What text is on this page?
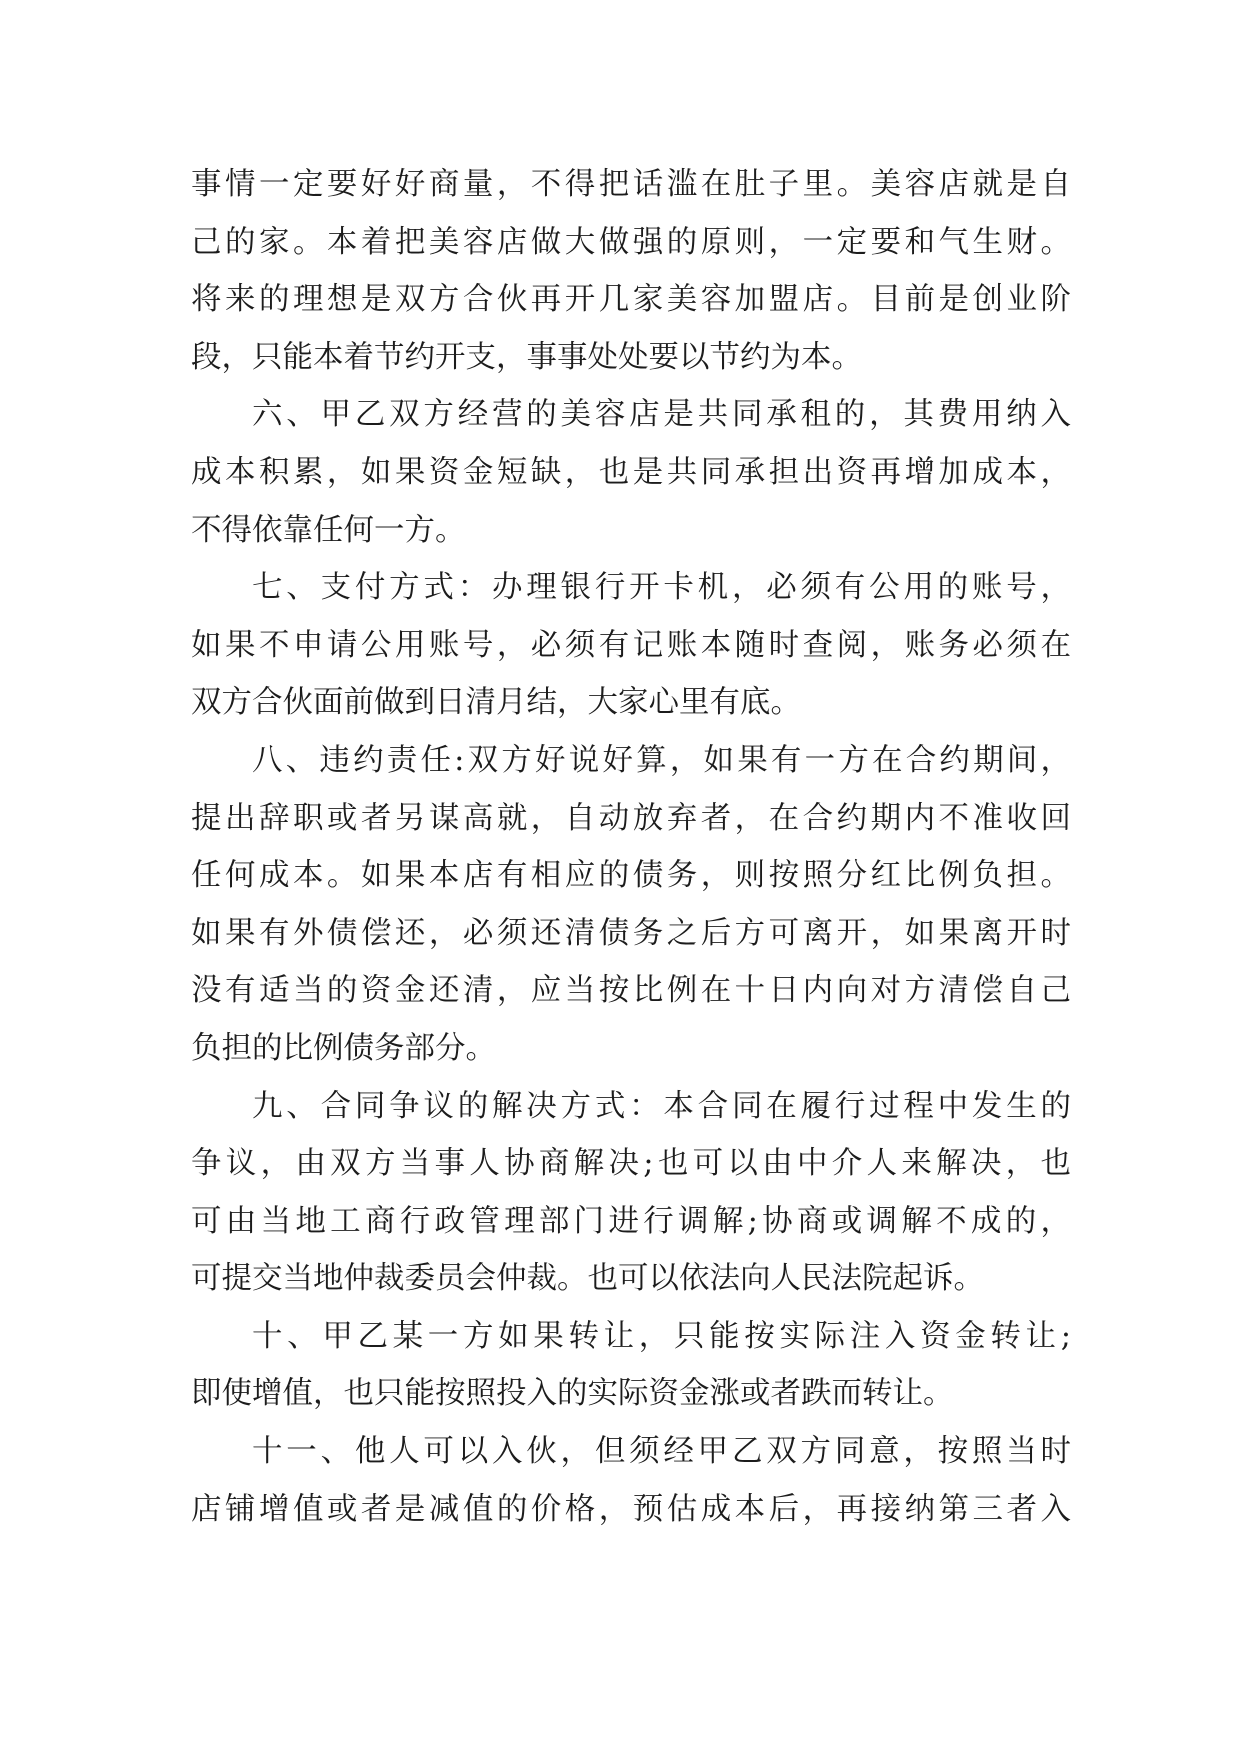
事情一定要好好商量，不得把话滥在肚子里。美容店就是自
己的家。本着把美容店做大做强的原则，一定要和气生财。
将来的理想是双方合伙再开几家美容加盟店。目前是创业阶
段，只能本着节约开支，事事处处要以节约为本。
六、甲乙双方经营的美容店是共同承租的，其费用纳入
成本积累，如果资金短缺，也是共同承担出资再增加成本，
不得依靠任何一方。
七、支付方式：办理银行开卡机，必须有公用的账号，
如果不申请公用账号，必须有记账本随时查阅，账务必须在
双方合伙面前做到日清月结，大家心里有底。
八、违约责任:双方好说好算，如果有一方在合约期间，
提出辞职或者另谋高就，自动放弃者，在合约期内不准收回
任何成本。如果本店有相应的债务，则按照分红比例负担。
如果有外债偿还，必须还清债务之后方可离开，如果离开时
没有适当的资金还清，应当按比例在十日内向对方清偿自己
负担的比例债务部分。
九、合同争议的解决方式：本合同在履行过程中发生的
争议，由双方当事人协商解决;也可以由中介人来解决，也
可由当地工商行政管理部门进行调解;协商或调解不成的，
可提交当地仲裁委员会仲裁。也可以依法向人民法院起诉。
十、甲乙某一方如果转让，只能按实际注入资金转让;
即使增值，也只能按照投入的实际资金涨或者跌而转让。
十一、他人可以入伙，但须经甲乙双方同意，按照当时
店铺增值或者是减值的价格，预估成本后，再接纳第三者入
